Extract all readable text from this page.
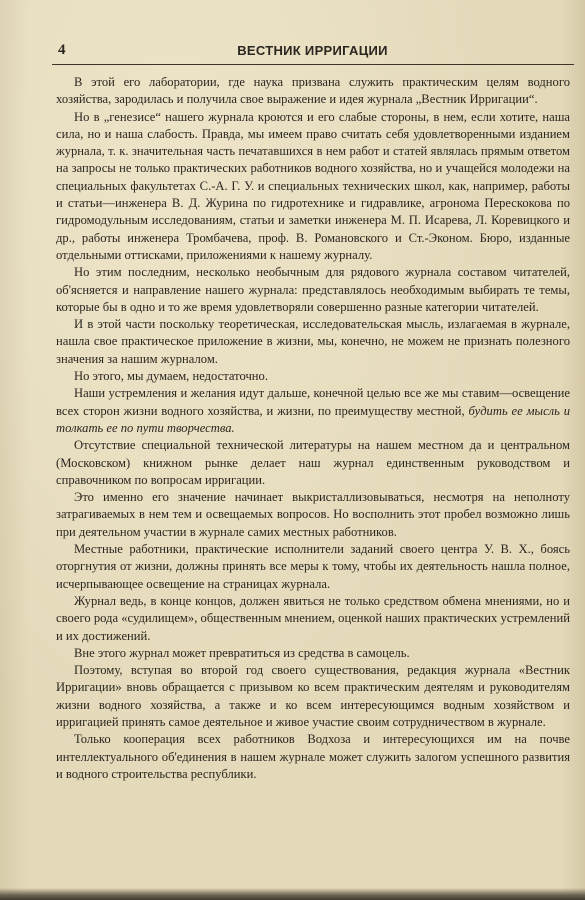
4	ВЕСТНИК ИРРИГАЦИИ

В этой его лаборатории, где наука призвана служить практическим целям водного хозяйства, зародилась и получила свое выражение и идея журнала „Вестник Ирригации“.

Но в „генезисе“ нашего журнала кроются и его слабые стороны, в нем, если хотите, наша сила, но и наша слабость. Правда, мы имеем право считать себя удовлетворенными изданием журнала, т. к. значительная часть печатавшихся в нем работ и статей являлась прямым ответом на запросы не только практических работников водного хозяйства, но и учащейся молодежи на специальных факультетах С.-А. Г. У. и специальных технических школ, как, например, работы и статьи—инженера В. Д. Журина по гидротехнике и гидравлике, агронома Перескокова по гидромодульным исследованиям, статьи и заметки инженера М. П. Исарева, Л. Коревицкого и др., работы инженера Тромбачева, проф. В. Романовского и Ст.-Эконом. Бюро, изданные отдельными оттисками, приложениями к нашему журналу.

Но этим последним, несколько необычным для рядового журнала составом читателей, об'ясняется и направление нашего журнала: представлялось необходимым выбирать те темы, которые бы в одно и то же время удовлетворяли совершенно разные категории читателей.

И в этой части поскольку теоретическая, исследовательская мысль, излагаемая в журнале, нашла свое практическое приложение в жизни, мы, конечно, не можем не признать полезного значения за нашим журналом.

Но этого, мы думаем, недостаточно.

Наши устремления и желания идут дальше, конечной целью все же мы ставим—освещение всех сторон жизни водного хозяйства, и жизни, по преимуществу местной, будить ее мысль и толкать ее по пути творчества.

Отсутствие специальной технической литературы на нашем местном да и центральном (Московском) книжном рынке делает наш журнал единственным руководством и справочником по вопросам ирригации.

Это именно его значение начинает выкристаллизовываться, несмотря на неполноту затрагиваемых в нем тем и освещаемых вопросов. Но восполнить этот пробел возможно лишь при деятельном участии в журнале самих местных работников.

Местные работники, практические исполнители заданий своего центра У. В. Х., боясь оторгнутия от жизни, должны принять все меры к тому, чтобы их деятельность нашла полное, исчерпывающее освещение на страницах журнала.

Журнал ведь, в конце концов, должен явиться не только средством обмена мнениями, но и своего рода «судилищем», общественным мнением, оценкой наших практических устремлений и их достижений.

Вне этого журнал может превратиться из средства в самоцель.

Поэтому, вступая во второй год своего существования, редакция журнала «Вестник Ирригации» вновь обращается с призывом ко всем практическим деятелям и руководителям жизни водного хозяйства, а также и ко всем интересующимся водным хозяйством и ирригацией принять самое деятельное и живое участие своим сотрудничеством в журнале.

Только кооперация всех работников Водхоза и интересующихся им на почве интеллектуального об'единения в нашем журнале может служить залогом успешного развития и водного строительства республики.
